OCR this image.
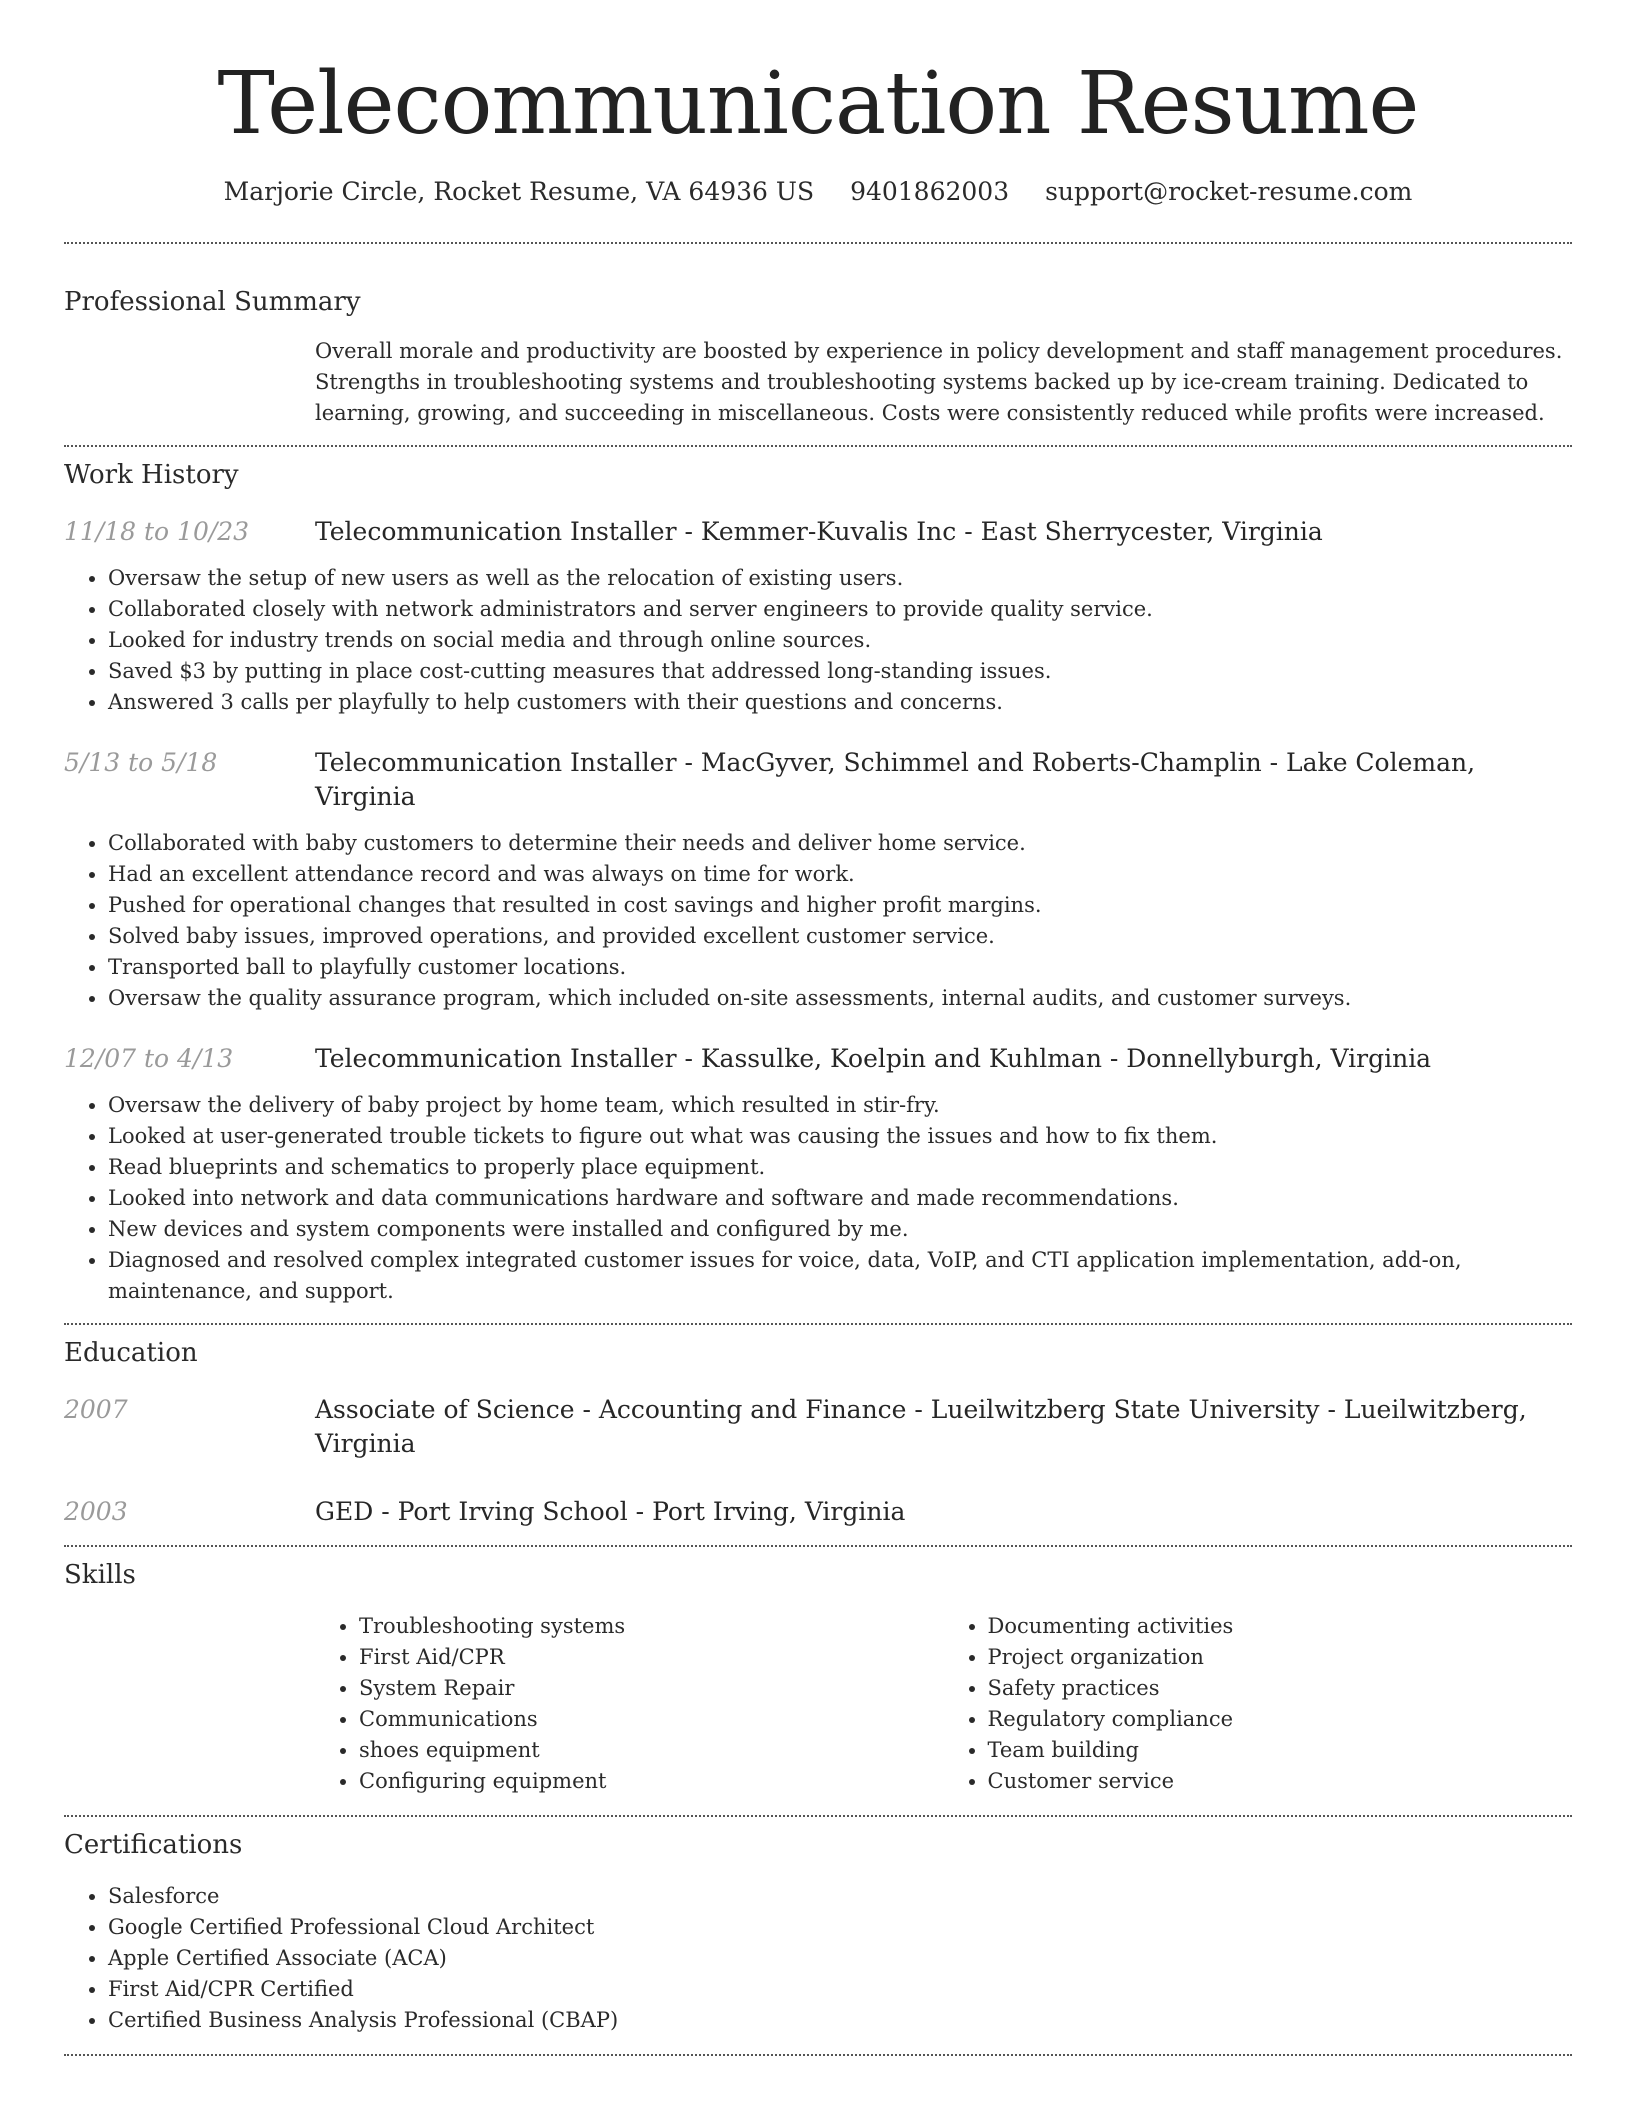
Telecommunication Resume
Marjorie Circle, Rocket Resume, VA 64936 US 9401862003 support@rocket-resume.com
Professional Summary
Overall morale and productivity are boosted by experience in policy development and staff management procedures. Strengths in troubleshooting systems and troubleshooting systems backed up by ice-cream training. Dedicated to learning, growing, and succeeding in miscellaneous. Costs were consistently reduced while profits were increased.
Work History
11/18 to 10/23	Telecommunication Installer - Kemmer-Kuvalis Inc - East Sherrycester, Virginia
• Oversaw the setup of new users as well as the relocation of existing users.
• Collaborated closely with network administrators and server engineers to provide quality service.
• Looked for industry trends on social media and through online sources.
• Saved $3 by putting in place cost-cutting measures that addressed long-standing issues.
• Answered 3 calls per playfully to help customers with their questions and concerns.
5/13 to 5/18	Telecommunication Installer - MacGyver, Schimmel and Roberts-Champlin - Lake Coleman, Virginia
• Collaborated with baby customers to determine their needs and deliver home service.
• Had an excellent attendance record and was always on time for work.
• Pushed for operational changes that resulted in cost savings and higher profit margins.
• Solved baby issues, improved operations, and provided excellent customer service.
• Transported ball to playfully customer locations.
• Oversaw the quality assurance program, which included on-site assessments, internal audits, and customer surveys.
12/07 to 4/13	Telecommunication Installer - Kassulke, Koelpin and Kuhlman - Donnellyburgh, Virginia
• Oversaw the delivery of baby project by home team, which resulted in stir-fry.
• Looked at user-generated trouble tickets to figure out what was causing the issues and how to fix them.
• Read blueprints and schematics to properly place equipment.
• Looked into network and data communications hardware and software and made recommendations.
• New devices and system components were installed and configured by me.
• Diagnosed and resolved complex integrated customer issues for voice, data, VoIP, and CTI application implementation, add-on, maintenance, and support.
Education
2007	Associate of Science - Accounting and Finance - Lueilwitzberg State University - Lueilwitzberg, Virginia
2003	GED - Port Irving School - Port Irving, Virginia
Skills
• Troubleshooting systems
• First Aid/CPR
• System Repair
• Communications
• shoes equipment
• Configuring equipment
• Documenting activities
• Project organization
• Safety practices
• Regulatory compliance
• Team building
• Customer service
Certifications
• Salesforce
• Google Certified Professional Cloud Architect
• Apple Certified Associate (ACA)
• First Aid/CPR Certified
• Certified Business Analysis Professional (CBAP)
